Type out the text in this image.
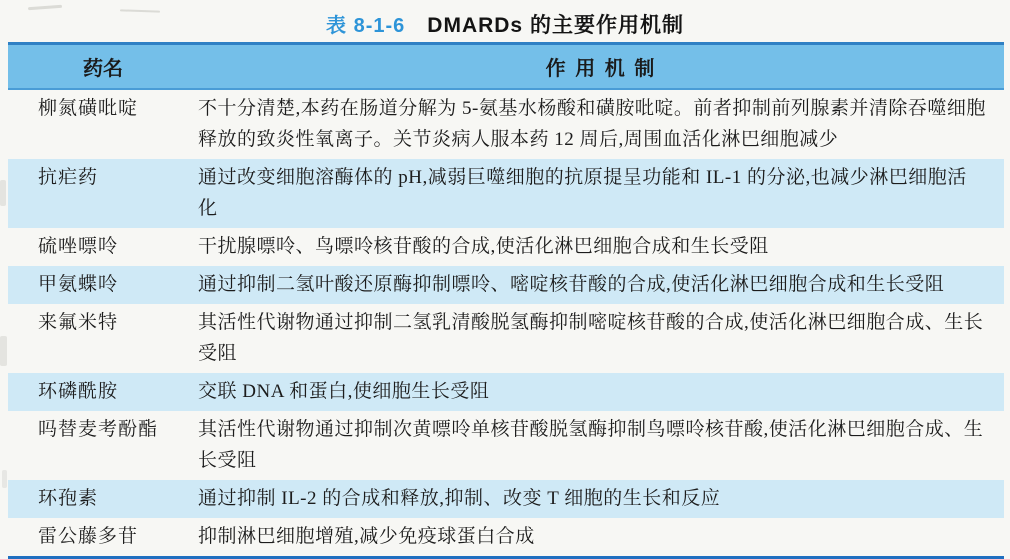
表 8-1-6 DMARDs 的主要作用机制
药名	作 用 机 制
柳氮磺吡啶	不十分清楚,本药在肠道分解为 5-氨基水杨酸和磺胺吡啶。前者抑制前列腺素并清除吞噬细胞释放的致炎性氧离子。关节炎病人服本药 12 周后,周围血活化淋巴细胞减少
抗疟药	通过改变细胞溶酶体的 pH,减弱巨噬细胞的抗原提呈功能和 IL-1 的分泌,也减少淋巴细胞活化
硫唑嘌呤	干扰腺嘌呤、鸟嘌呤核苷酸的合成,使活化淋巴细胞合成和生长受阻
甲氨蝶呤	通过抑制二氢叶酸还原酶抑制嘌呤、嘧啶核苷酸的合成,使活化淋巴细胞合成和生长受阻
来氟米特	其活性代谢物通过抑制二氢乳清酸脱氢酶抑制嘧啶核苷酸的合成,使活化淋巴细胞合成、生长受阻
环磷酰胺	交联 DNA 和蛋白,使细胞生长受阻
吗替麦考酚酯	其活性代谢物通过抑制次黄嘌呤单核苷酸脱氢酶抑制鸟嘌呤核苷酸,使活化淋巴细胞合成、生长受阻
环孢素	通过抑制 IL-2 的合成和释放,抑制、改变 T 细胞的生长和反应
雷公藤多苷	抑制淋巴细胞增殖,减少免疫球蛋白合成
